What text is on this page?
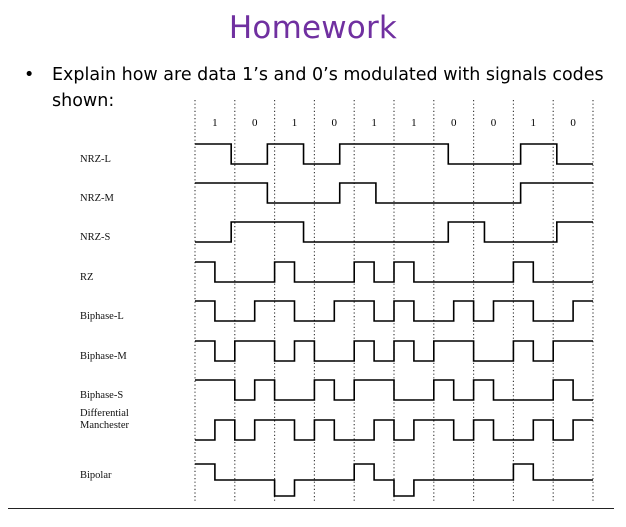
Homework
• Explain how are data 1’s and 0’s modulated with signals codes shown:
1	0	1	0	1	1	0	0	1	0
NRZ-L
NRZ-M
NRZ-S
RZ
Biphase-L
Biphase-M
Biphase-S
Differential
Manchester
Bipolar
